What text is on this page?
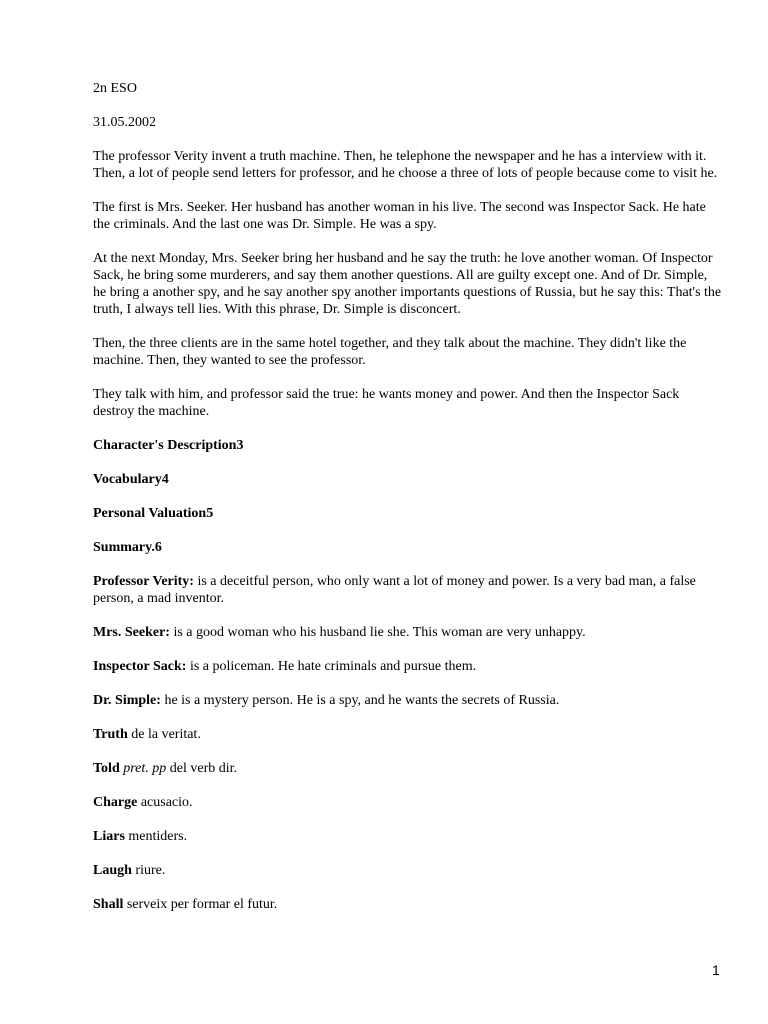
2n ESO

31.05.2002

The professor Verity invent a truth machine. Then, he telephone the newspaper and he has a interview with it. Then, a lot of people send letters for professor, and he choose a three of lots of people because come to visit he.

The first is Mrs. Seeker. Her husband has another woman in his live. The second was Inspector Sack. He hate the criminals. And the last one was Dr. Simple. He was a spy.

At the next Monday, Mrs. Seeker bring her husband and he say the truth: he love another woman. Of Inspector Sack, he bring some murderers, and say them another questions. All are guilty except one. And of Dr. Simple, he bring a another spy, and he say another spy another importants questions of Russia, but he say this: That's the truth, I always tell lies. With this phrase, Dr. Simple is disconcert.

Then, the three clients are in the same hotel together, and they talk about the machine. They didn't like the machine. Then, they wanted to see the professor.

They talk with him, and professor said the true: he wants money and power. And then the Inspector Sack destroy the machine.

Character's Description3

Vocabulary4

Personal Valuation5

Summary.6

Professor Verity: is a deceitful person, who only want a lot of money and power. Is a very bad man, a false person, a mad inventor.

Mrs. Seeker: is a good woman who his husband lie she. This woman are very unhappy.

Inspector Sack: is a policeman. He hate criminals and pursue them.

Dr. Simple: he is a mystery person. He is a spy, and he wants the secrets of Russia.

Truth de la veritat.

Told pret. pp del verb dir.

Charge acusacio.

Liars mentiders.

Laugh riure.

Shall serveix per formar el futur.

1
